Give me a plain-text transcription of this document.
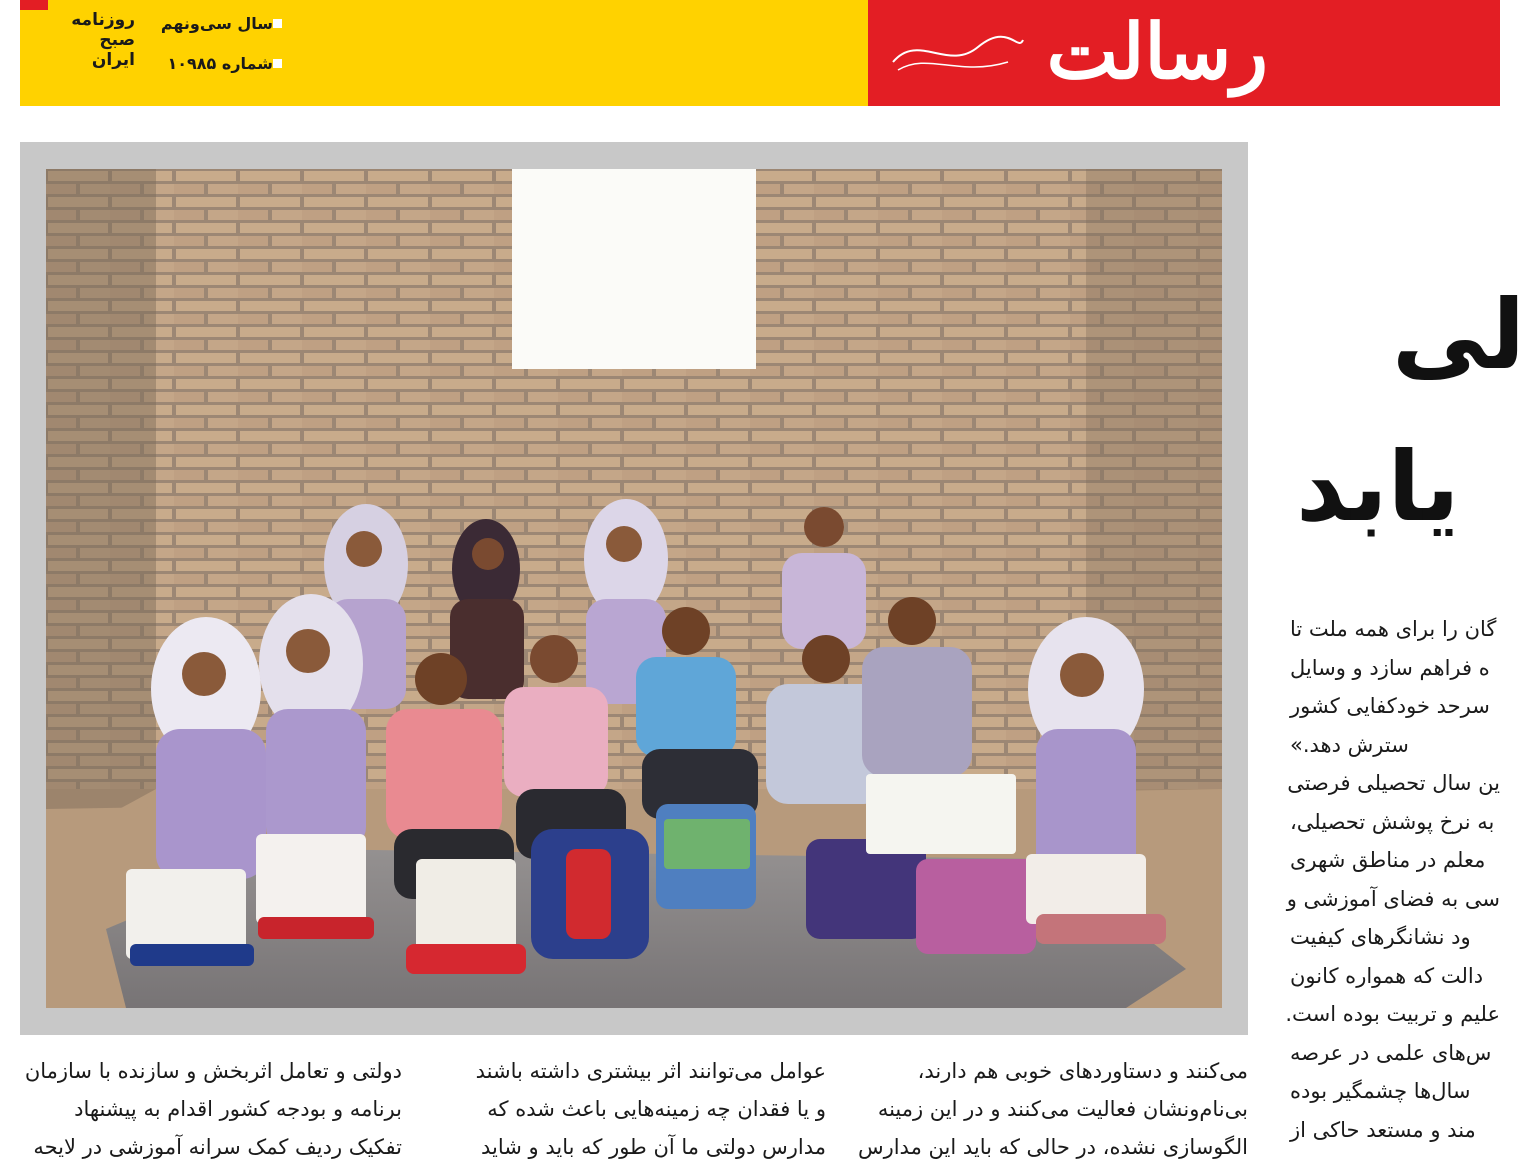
روزنامه
صبح
ایران
سال سی‌ونهم
شماره ۱۰۹۸۵	رسالت
لی
یابد
گان را برای همه ملت تا
ه فراهم سازد و وسایل
سرحد خودکفایی کشور
سترش دهد.»
ین سال تحصیلی فرصتی
به نرخ پوشش تحصیلی،
معلم در مناطق شهری
سی به فضای آموزشی و
ود نشانگرهای کیفیت
دالت که همواره کانون
علیم و تربیت بوده است.
س‌های علمی در عرصه
سال‌ها چشمگیر بوده
مند و مستعد حاکی از
می‌کنند و دستاوردهای خوبی هم دارند،
بی‌نام‌ونشان فعالیت می‌کنند و در این زمینه
الگوسازی نشده، در حالی که باید این مدارس
عوامل می‌توانند اثر بیشتری داشته باشند
و یا فقدان چه زمینه‌هایی باعث شده که
مدارس دولتی ما آن طور که باید و شاید
دولتی و تعامل اثربخش و سازنده با سازمان
برنامه و بودجه کشور اقدام به پیشنهاد
تفکیک ردیف کمک سرانه آموزشی در لایحه
